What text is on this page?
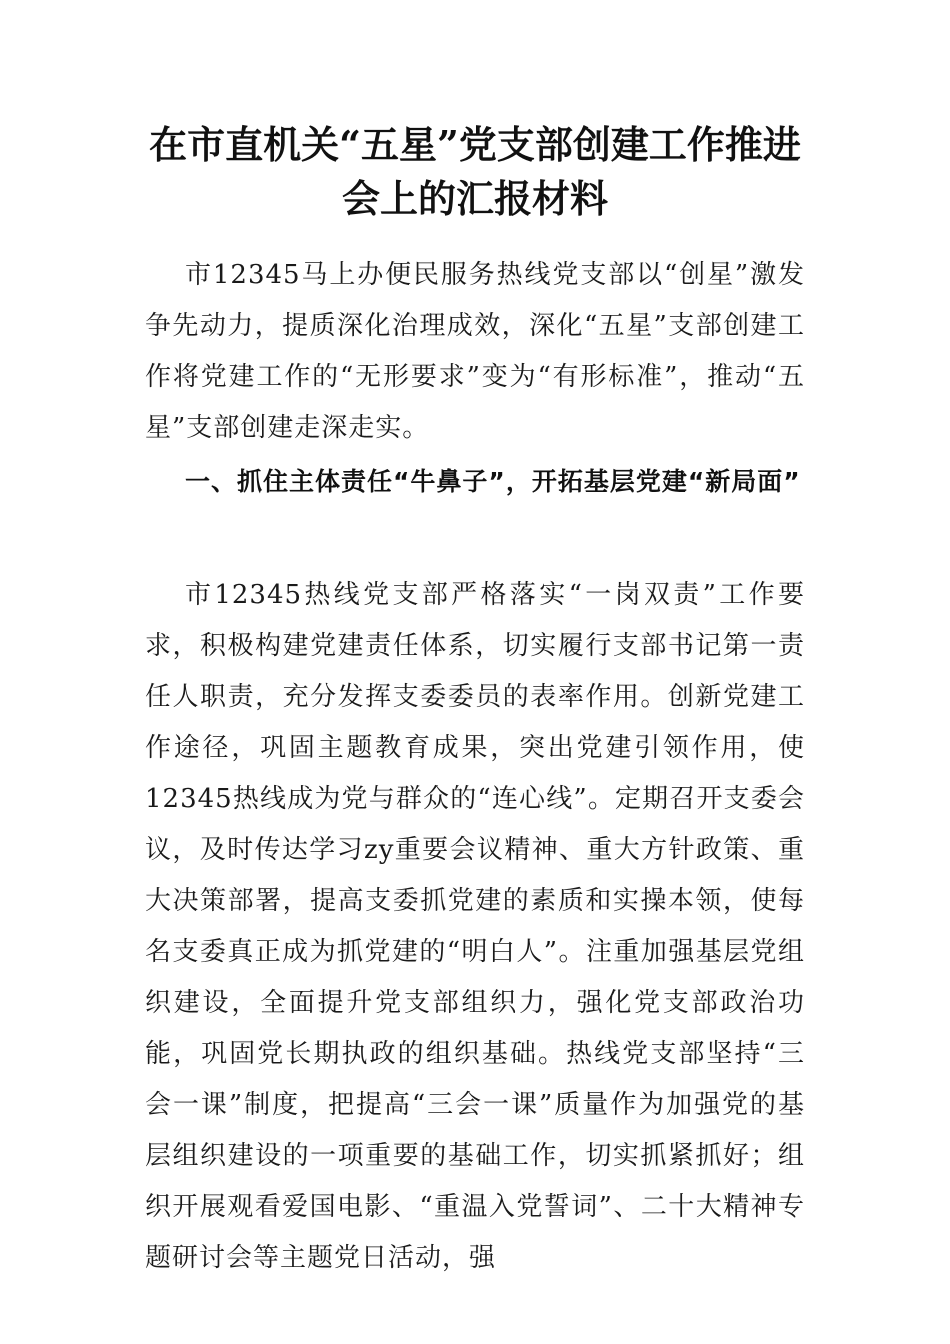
在市直机关“五星”党支部创建工作推进
会上的汇报材料

市12345马上办便民服务热线党支部以“创星”激发争先动力，提质深化治理成效，深化“五星”支部创建工作将党建工作的“无形要求”变为“有形标准”，推动“五星”支部创建走深走实。

一、抓住主体责任“牛鼻子”，开拓基层党建“新局面”

市12345热线党支部严格落实“一岗双责”工作要求，积极构建党建责任体系，切实履行支部书记第一责任人职责，充分发挥支委委员的表率作用。创新党建工作途径，巩固主题教育成果，突出党建引领作用，使12345热线成为党与群众的“连心线”。定期召开支委会议，及时传达学习zy重要会议精神、重大方针政策、重大决策部署，提高支委抓党建的素质和实操本领，使每名支委真正成为抓党建的“明白人”。注重加强基层党组织建设，全面提升党支部组织力，强化党支部政治功能，巩固党长期执政的组织基础。热线党支部坚持“三会一课”制度，把提高“三会一课”质量作为加强党的基层组织建设的一项重要的基础工作，切实抓紧抓好；组织开展观看爱国电影、“重温入党誓词”、二十大精神专题研讨会等主题党日活动，强
